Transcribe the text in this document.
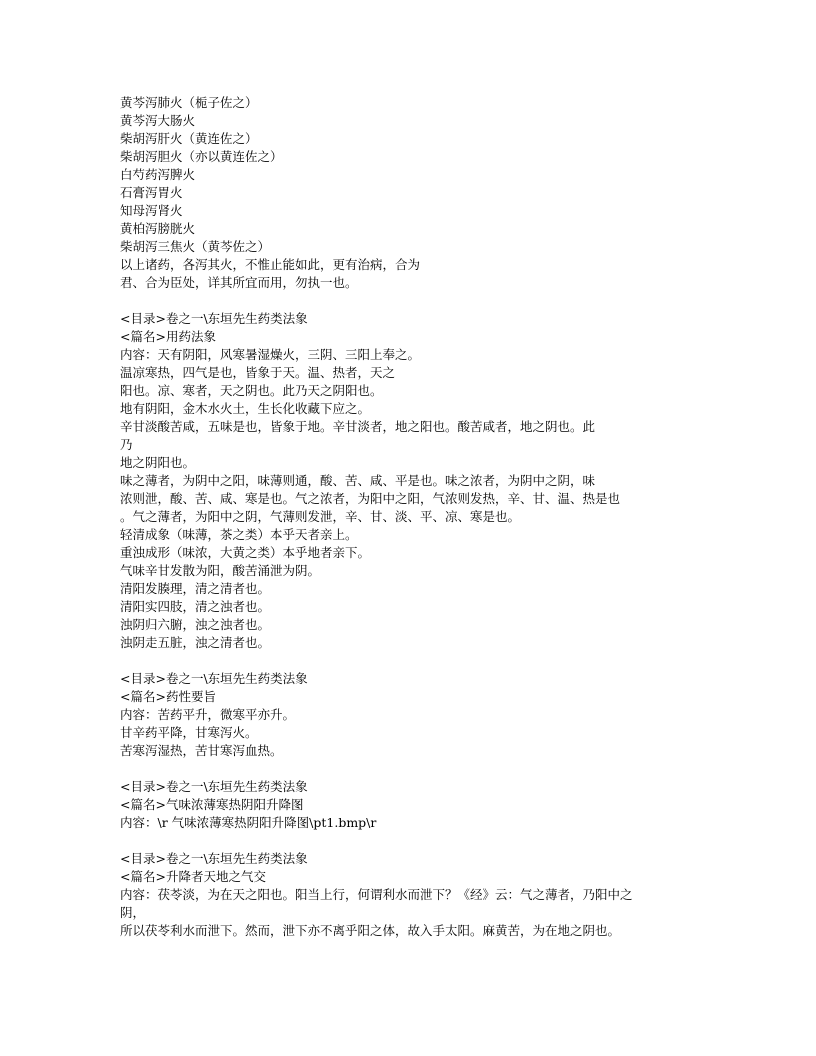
黄芩泻肺火（栀子佐之）
黄芩泻大肠火
柴胡泻肝火（黄连佐之）
柴胡泻胆火（亦以黄连佐之）
白芍药泻脾火
石膏泻胃火
知母泻肾火
黄柏泻膀胱火
柴胡泻三焦火（黄芩佐之）
以上诸药，各泻其火，不惟止能如此，更有治病，合为
君、合为臣处，详其所宜而用，勿执一也。
<目录>卷之一\东垣先生药类法象
<篇名>用药法象
内容：天有阴阳，风寒暑湿燥火，三阴、三阳上奉之。
温凉寒热，四气是也，皆象于天。温、热者，天之
阳也。凉、寒者，天之阴也。此乃天之阴阳也。
地有阴阳，金木水火土，生长化收藏下应之。
辛甘淡酸苦咸，五味是也，皆象于地。辛甘淡者，地之阳也。酸苦咸者，地之阴也。此
乃
地之阴阳也。
味之薄者，为阴中之阳，味薄则通，酸、苦、咸、平是也。味之浓者，为阴中之阴，味
浓则泄，酸、苦、咸、寒是也。气之浓者，为阳中之阳，气浓则发热，辛、甘、温、热是也
。气之薄者，为阳中之阴，气薄则发泄，辛、甘、淡、平、凉、寒是也。
轻清成象（味薄，茶之类）本乎天者亲上。
重浊成形（味浓，大黄之类）本乎地者亲下。
气味辛甘发散为阳，酸苦涌泄为阴。
清阳发腠理，清之清者也。
清阳实四肢，清之浊者也。
浊阴归六腑，浊之浊者也。
浊阴走五脏，浊之清者也。
<目录>卷之一\东垣先生药类法象
<篇名>药性要旨
内容：苦药平升，微寒平亦升。
甘辛药平降，甘寒泻火。
苦寒泻湿热，苦甘寒泻血热。
<目录>卷之一\东垣先生药类法象
<篇名>气味浓薄寒热阴阳升降图
内容：\r 气味浓薄寒热阴阳升降图\pt1.bmp\r
<目录>卷之一\东垣先生药类法象
<篇名>升降者天地之气交
内容：茯苓淡，为在天之阳也。阳当上行，何谓利水而泄下？《经》云：气之薄者，乃阳中之
阴，
所以茯苓利水而泄下。然而，泄下亦不离乎阳之体，故入手太阳。麻黄苦，为在地之阴也。
